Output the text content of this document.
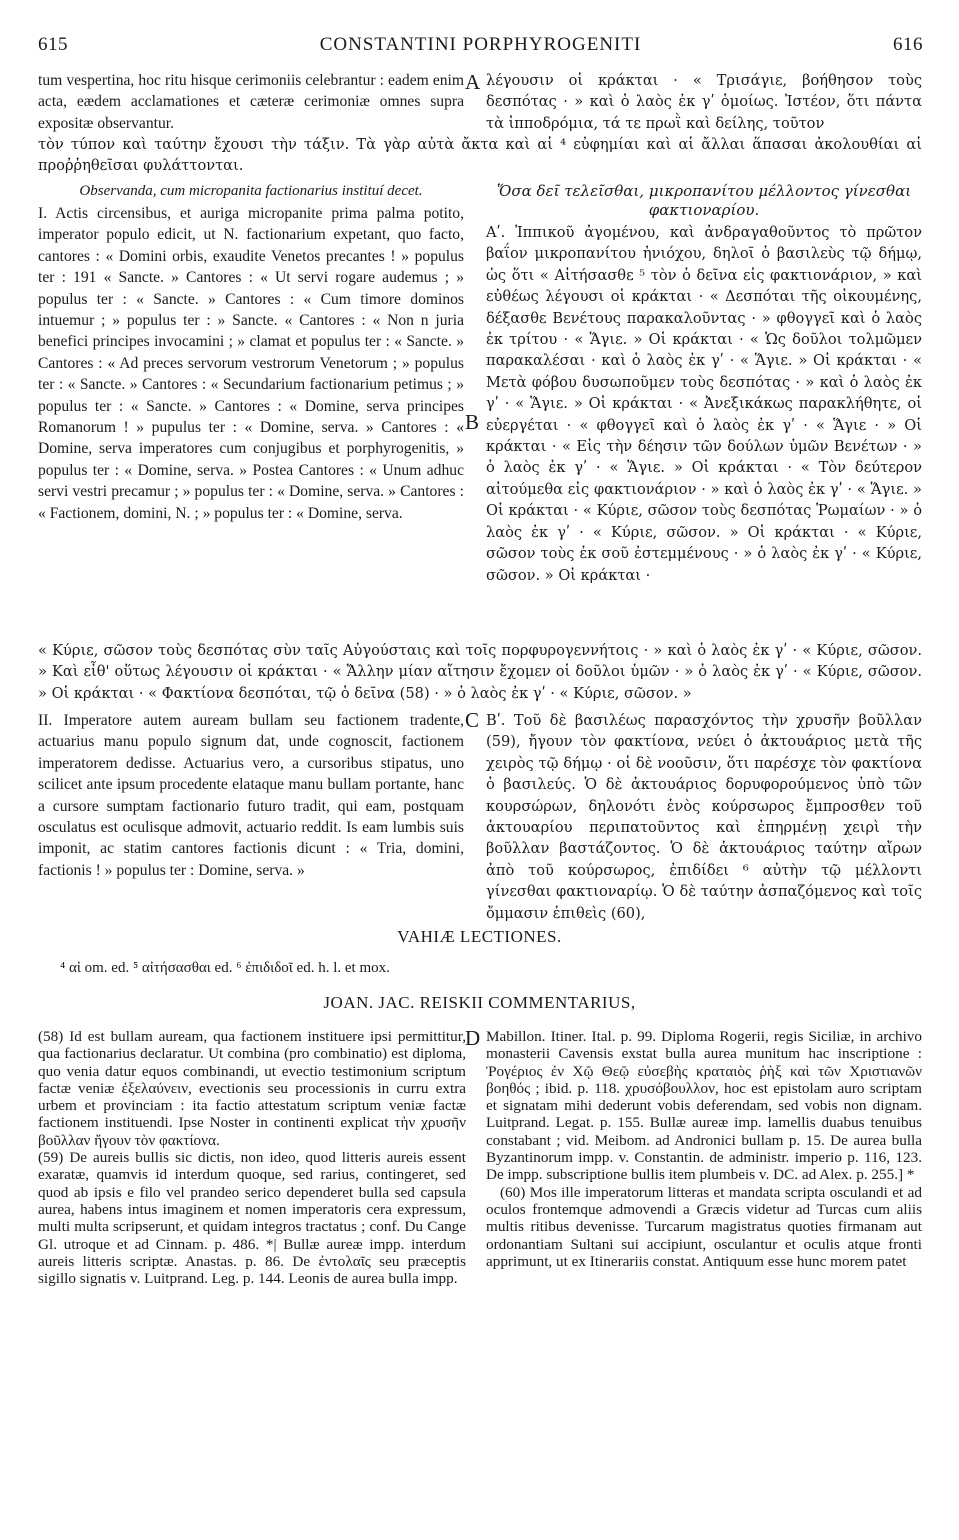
615	CONSTANTINI PORPHYROGENITI	616
tum vespertina, hoc ritu hisque cerimoniis celebrantur : eadem enim acta, eædem acclamationes et cæteræ cerimoniæ omnes supra expositæ observantur.
A λέγουσιν οἱ κράκται · « Τρισάγιε, βοήθησον τοὺς δεσπότας · » καὶ ὁ λαὸς ἐκ γʹ ὁμοίως. Ἰστέον, ὅτι πάντα τὰ ἱπποδρόμια, τά τε πρωῒ καὶ δείλης, τοῦτον
τὸν τύπον καὶ ταύτην ἔχουσι τὴν τάξιν. Τὰ γὰρ αὐτὰ ἄκτα καὶ αἱ ⁴ εὐφημίαι καὶ αἱ ἄλλαι ἅπασαι ἀκολουθίαι αἱ προῤῥηθεῖσαι φυλάττονται.
Observanda, cum micropanita factionarius instituí decet.
I. Actis circensibus, et auriga micropanite prima palma potito, imperator populo edicit, ut N. factionarium expetant, quo facto, cantores : « Domini orbis, exaudite Venetos precantes ! » populus ter : 191 « Sancte. » Cantores : « Ut servi rogare audemus ; » populus ter : « Sancte. » Cantores : « Cum timore dominos intuemur ; » populus ter : » Sancte. « Cantores : « Non n juria benefici principes invocamini ; » clamat et populus ter : « Sancte. » Cantores : « Ad preces servorum vestrorum Venetorum ; » populus ter : « Sancte. » Cantores : « Secundarium factionarium petimus ; » populus ter : « Sancte. » Cantores : « Domine, serva principes Romanorum ! » pupulus ter : « Domine, serva. » Cantores : « Domine, serva imperatores cum conjugibus et porphyrogenitis, » populus ter : « Domine, serva. » Postea Cantores : « Unum adhuc servi vestri precamur ; » populus ter : « Domine, serva. » Cantores : « Factionem, domini, N. ; » populus ter : « Domine, serva.
B
Ὅσα δεῖ τελεῖσθαι, μικροπανίτου μέλλοντος γίνεσθαι φακτιοναρίου.
Αʹ. Ἱππικοῦ ἀγομένου, καὶ ἀνδραγαθοῦντος τὸ πρῶτον βαΐον μικροπανίτου ἡνιόχου, δηλοῖ ὁ βασιλεὺς τῷ δήμῳ, ὡς ὅτι « Αἰτήσασθε ⁵ τὸν ὁ δεῖνα εἰς φακτιονάριον, » καὶ εὐθέως λέγουσι οἱ κράκται · « Δεσπόται τῆς οἰκουμένης, δέξασθε Βενέτους παρακαλοῦντας · » φθογγεῖ καὶ ὁ λαὸς ἐκ τρίτου · « Ἅγιε. » Οἱ κράκται · « Ὡς δοῦλοι τολμῶμεν παρακαλέσαι · καὶ ὁ λαὸς ἐκ γʹ · « Ἅγιε. » Οἱ κράκται · « Μετὰ φόβου δυσωποῦμεν τοὺς δεσπότας · » καὶ ὁ λαὸς ἐκ γʹ · « Ἅγιε. » Οἱ κράκται · « Ἀνεξικάκως παρακλήθητε, οἱ εὐεργέται · « φθογγεῖ καὶ ὁ λαὸς ἐκ γʹ · « Ἅγιε · » Οἱ κράκται · « Εἰς τὴν δέησιν τῶν δούλων ὑμῶν Βενέτων · » ὁ λαὸς ἐκ γʹ · « Ἅγιε. » Οἱ κράκται · « Τὸν δεύτερον αἰτούμεθα εἰς φακτιονάριον · » καὶ ὁ λαὸς ἐκ γʹ · « Ἅγιε. » Οἱ κράκται · « Κύριε, σῶσον τοὺς δεσπότας Ῥωμαίων · » ὁ λαὸς ἐκ γʹ · « Κύριε, σῶσον. » Οἱ κράκται · « Κύριε, σῶσον τοὺς ἐκ σοῦ ἐστεμμένους · » ὁ λαὸς ἐκ γʹ · « Κύριε, σῶσον. » Οἱ κράκται ·
« Κύριε, σῶσον τοὺς δεσπότας σὺν ταῖς Αὐγούσταις καὶ τοῖς πορφυρογεννήτοις · » καὶ ὁ λαὸς ἐκ γʹ · « Κύριε, σῶσον. » Καὶ εἶθ' οὕτως λέγουσιν οἱ κράκται · « Ἄλλην μίαν αἴτησιν ἔχομεν οἱ δοῦλοι ὑμῶν · » ὁ λαὸς ἐκ γʹ · « Κύριε, σῶσον. » Οἱ κράκται · « Φακτίονα δεσπόται, τῷ ὁ δεῖνα (58) · » ὁ λαὸς ἐκ γʹ · « Κύριε, σῶσον. »
II. Imperatore autem auream bullam seu factionem tradente, actuarius manu populo signum dat, unde cognoscit, factionem imperatorem dedisse. Actuarius vero, a cursoribus stipatus, uno scilicet ante ipsum procedente elataque manu bullam portante, hanc a cursore sumptam factionario futuro tradit, qui eam, postquam osculatus est oculisque admovit, actuario reddit. Is eam lumbis suis imponit, ac statim cantores factionis dicunt : « Tria, domini, factionis ! » populus ter : Domine, serva. »
C Βʹ. Τοῦ δὲ βασιλέως παρασχόντος τὴν χρυσῆν βοῦλλαν (59), ἤγουν τὸν φακτίονα, νεύει ὁ ἀκτουάριος μετὰ τῆς χειρὸς τῷ δήμῳ · οἱ δὲ νοοῦσιν, ὅτι παρέσχε τὸν φακτίονα ὁ βασιλεύς. Ὁ δὲ ἀκτουάριος δορυφορούμενος ὑπὸ τῶν κουρσώρων, δηλονότι ἑνὸς κούρσωρος ἔμπροσθεν τοῦ ἀκτουαρίου περιπατοῦντος καὶ ἐπηρμένῃ χειρὶ τὴν βοῦλλαν βαστάζοντος. Ὁ δὲ ἀκτουάριος ταύτην αἴρων ἀπὸ τοῦ κούρσωρος, ἐπιδίδει ⁶ αὐτὴν τῷ μέλλοντι γίνεσθαι φακτιοναρίῳ. Ὁ δὲ ταύτην ἀσπαζόμενος καὶ τοῖς ὄμμασιν ἐπιθεὶς (60),
VAHIÆ LECTIONES.
⁴ αἱ om. ed. ⁵ αἰτήσασθαι ed. ⁶ ἐπιδιδοῖ ed. h. l. et mox.
JOAN. JAC. REISKII COMMENTARIUS,

(58) Id est bullam auream, qua factionem instituere ipsi permittitur, qua factionarius declaratur. Ut combina (pro combinatio) est diploma, quo venia datur equos combinandi, ut evectio testimonium scriptum factæ veniæ ἐξελαύνειν, evectionis seu processionis in curru extra urbem et provinciam : ita factio attestatum scriptum veniæ factæ factionem instituendi. Ipse Noster in continenti explicat τὴν χρυσῆν βοῦλλαν ἤγουν τὸν φακτίονα.

(59) De aureis bullis sic dictis, non ideo, quod litteris aureis essent exaratæ, quamvis id interdum quoque, sed rarius, contingeret, sed quod ab ipsis e filo vel prandeo serico dependeret bulla sed capsula aurea, habens intus imaginem et nomen imperatoris cera expressum, multi multa scripserunt, et quidam integros tractatus ; conf. Du Cange Gl. utroque et ad Cinnam. p. 486. *| Bullæ aureæ impp. interdum aureis litteris scriptæ. Anastas. p. 86. De ἐντολαῖς seu præceptis sigillo signatis v. Luitprand. Leg. p. 144. Leonis de aurea bulla impp.

D Mabillon. Itiner. Ital. p. 99. Diploma Rogerii, regis Siciliæ, in archivo monasterii Cavensis exstat bulla aurea munitum hac inscriptione : Ῥογέριος ἐν Χῷ Θεῷ εὐσεβὴς κραταιὸς ῥὴξ καὶ τῶν Χριστιανῶν βοηθός ; ibid. p. 118. χρυσόβουλλον, hoc est epistolam auro scriptam et signatam mihi dederunt vobis deferendam, sed vobis non dignam. Luitprand. Legat. p. 155. Bullæ aureæ imp. lamellis duabus tenuibus constabant ; vid. Meibom. ad Andronici bullam p. 15. De aurea bulla Byzantinorum impp. v. Constantin. de administr. imperio p. 116, 123. De impp. subscriptione bullis item plumbeis v. DC. ad Alex. p. 255.] *

(60) Mos ille imperatorum litteras et mandata scripta osculandi et ad oculos frontemque admovendi a Græcis videtur ad Turcas cum aliis multis ritibus devenisse. Turcarum magistratus quoties firmanam aut ordonantiam Sultani sui accipiunt, osculantur et oculis atque fronti apprimunt, ut ex Itinerariis constat. Antiquum esse hunc morem patet
